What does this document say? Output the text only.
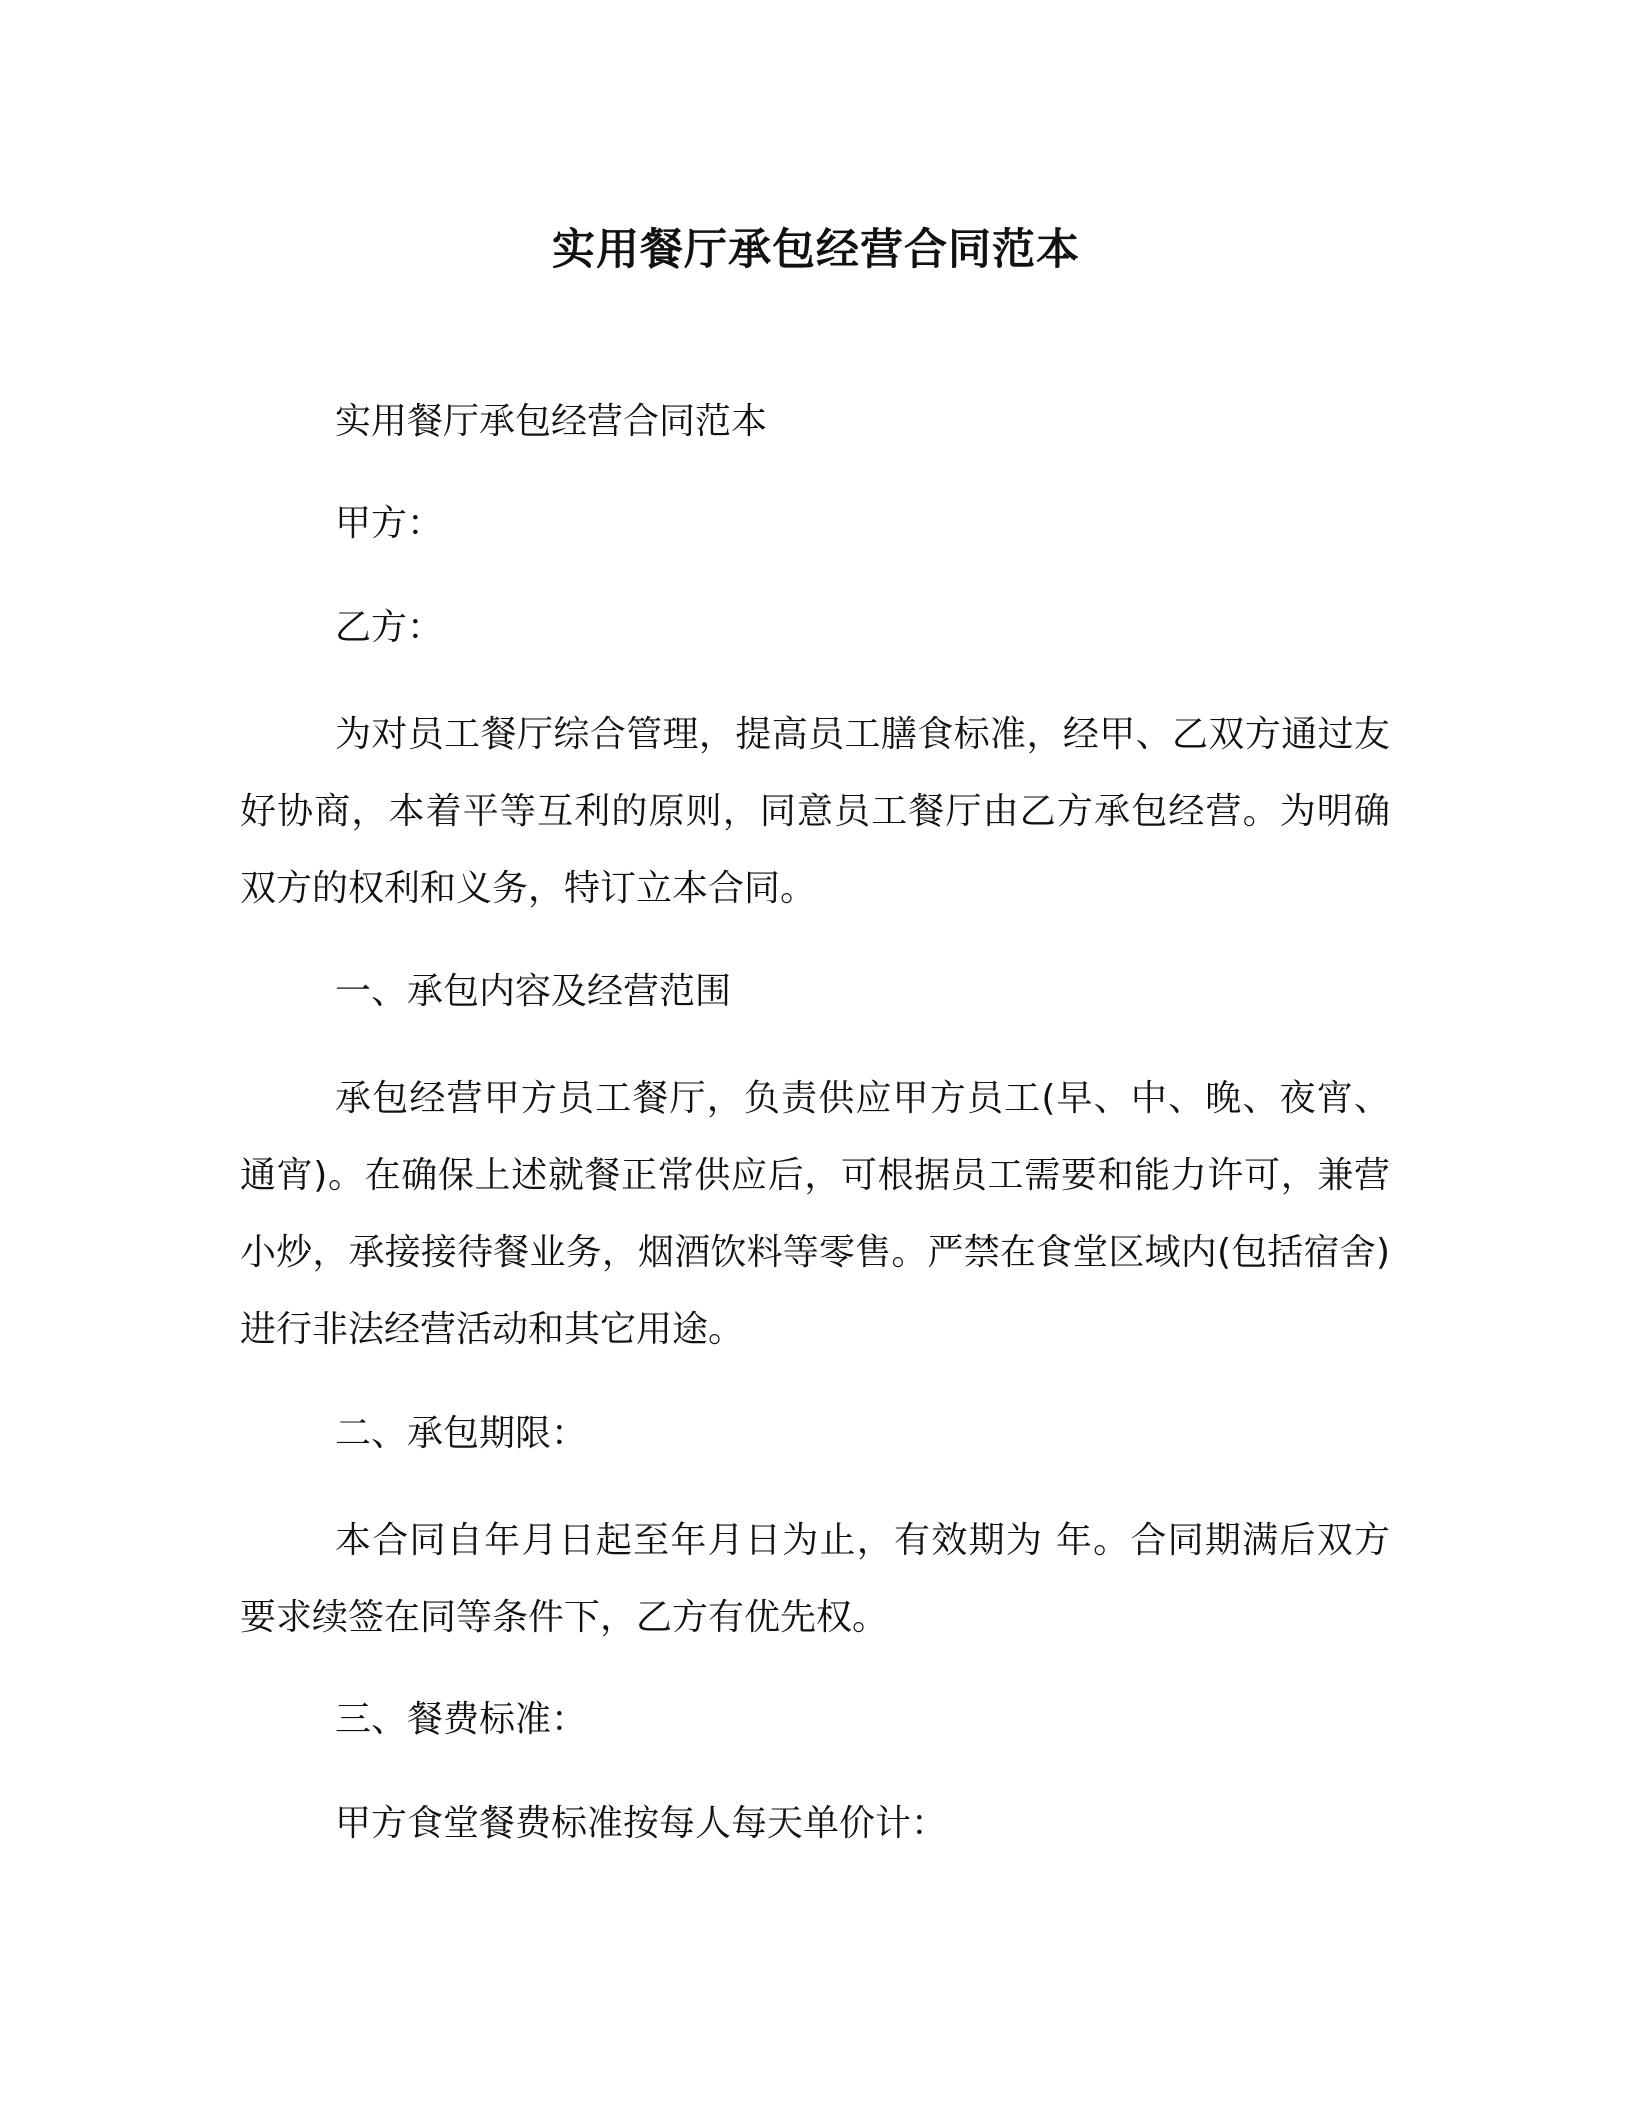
实用餐厅承包经营合同范本
实用餐厅承包经营合同范本
甲方：
乙方：
为对员工餐厅综合管理，提高员工膳食标准，经甲、乙双方通过友好协商，本着平等互利的原则，同意员工餐厅由乙方承包经营。为明确双方的权利和义务，特订立本合同。
一、承包内容及经营范围
承包经营甲方员工餐厅，负责供应甲方员工(早、中、晚、夜宵、通宵)。在确保上述就餐正常供应后，可根据员工需要和能力许可，兼营小炒，承接接待餐业务，烟酒饮料等零售。严禁在食堂区域内(包括宿舍)进行非法经营活动和其它用途。
二、承包期限：
本合同自年月日起至年月日为止，有效期为 年。合同期满后双方要求续签在同等条件下，乙方有优先权。
三、餐费标准：
甲方食堂餐费标准按每人每天单价计：
